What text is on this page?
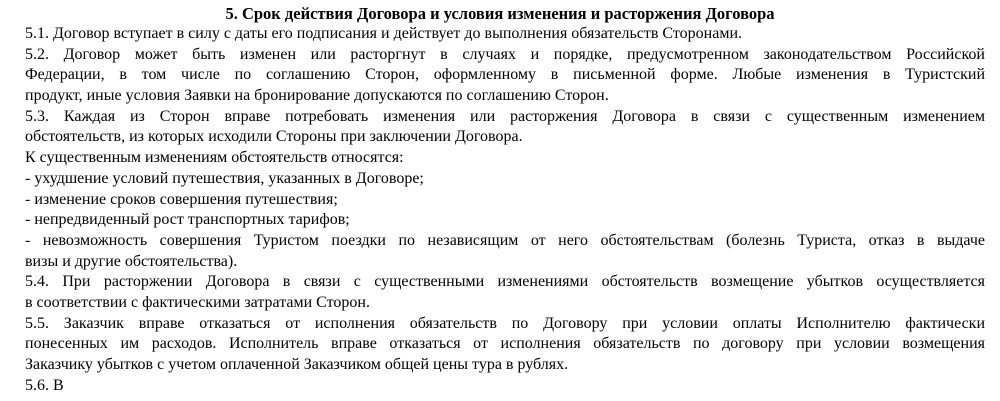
5. Срок действия Договора и условия изменения и расторжения Договора
5.1. Договор вступает в силу с даты его подписания и действует до выполнения обязательств Сторонами.
5.2. Договор может быть изменен или расторгнут в случаях и порядке, предусмотренном законодательством Российской
Федерации, в том числе по соглашению Сторон, оформленному в письменной форме. Любые изменения в Туристский
продукт, иные условия Заявки на бронирование допускаются по соглашению Сторон.
5.3. Каждая из Сторон вправе потребовать изменения или расторжения Договора в связи с существенным изменением
обстоятельств, из которых исходили Стороны при заключении Договора.
К существенным изменениям обстоятельств относятся:
- ухудшение условий путешествия, указанных в Договоре;
- изменение сроков совершения путешествия;
- непредвиденный рост транспортных тарифов;
- невозможность совершения Туристом поездки по независящим от него обстоятельствам (болезнь Туриста, отказ в выдаче
визы и другие обстоятельства).
5.4. При расторжении Договора в связи с существенными изменениями обстоятельств возмещение убытков осуществляется
в соответствии с фактическими затратами Сторон.
5.5. Заказчик вправе отказаться от исполнения обязательств по Договору при условии оплаты Исполнителю фактически
понесенных им расходов. Исполнитель вправе отказаться от исполнения обязательств по договору при условии возмещения
Заказчику убытков с учетом оплаченной Заказчиком общей цены тура в рублях.
5.6. В
